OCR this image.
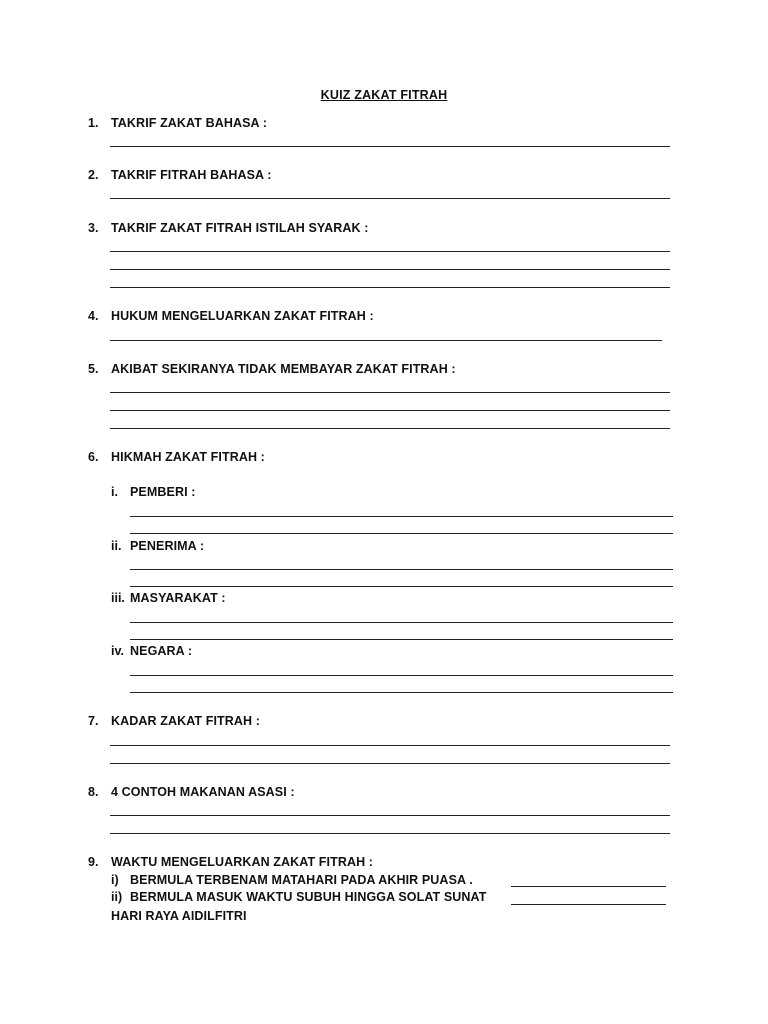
KUIZ ZAKAT FITRAH
1. TAKRIF ZAKAT BAHASA :
2. TAKRIF FITRAH BAHASA :
3. TAKRIF ZAKAT FITRAH ISTILAH SYARAK :
4. HUKUM MENGELUARKAN ZAKAT FITRAH :
5. AKIBAT SEKIRANYA TIDAK MEMBAYAR ZAKAT FITRAH :
6. HIKMAH ZAKAT FITRAH :
i. PEMBERI :
ii. PENERIMA :
iii. MASYARAKAT :
iv. NEGARA :
7. KADAR ZAKAT FITRAH :
8. 4 CONTOH MAKANAN ASASI :
9. WAKTU MENGELUARKAN ZAKAT FITRAH :
i) BERMULA TERBENAM MATAHARI PADA AKHIR PUASA .
ii) BERMULA MASUK WAKTU SUBUH HINGGA SOLAT SUNAT
HARI RAYA AIDILFITRI
